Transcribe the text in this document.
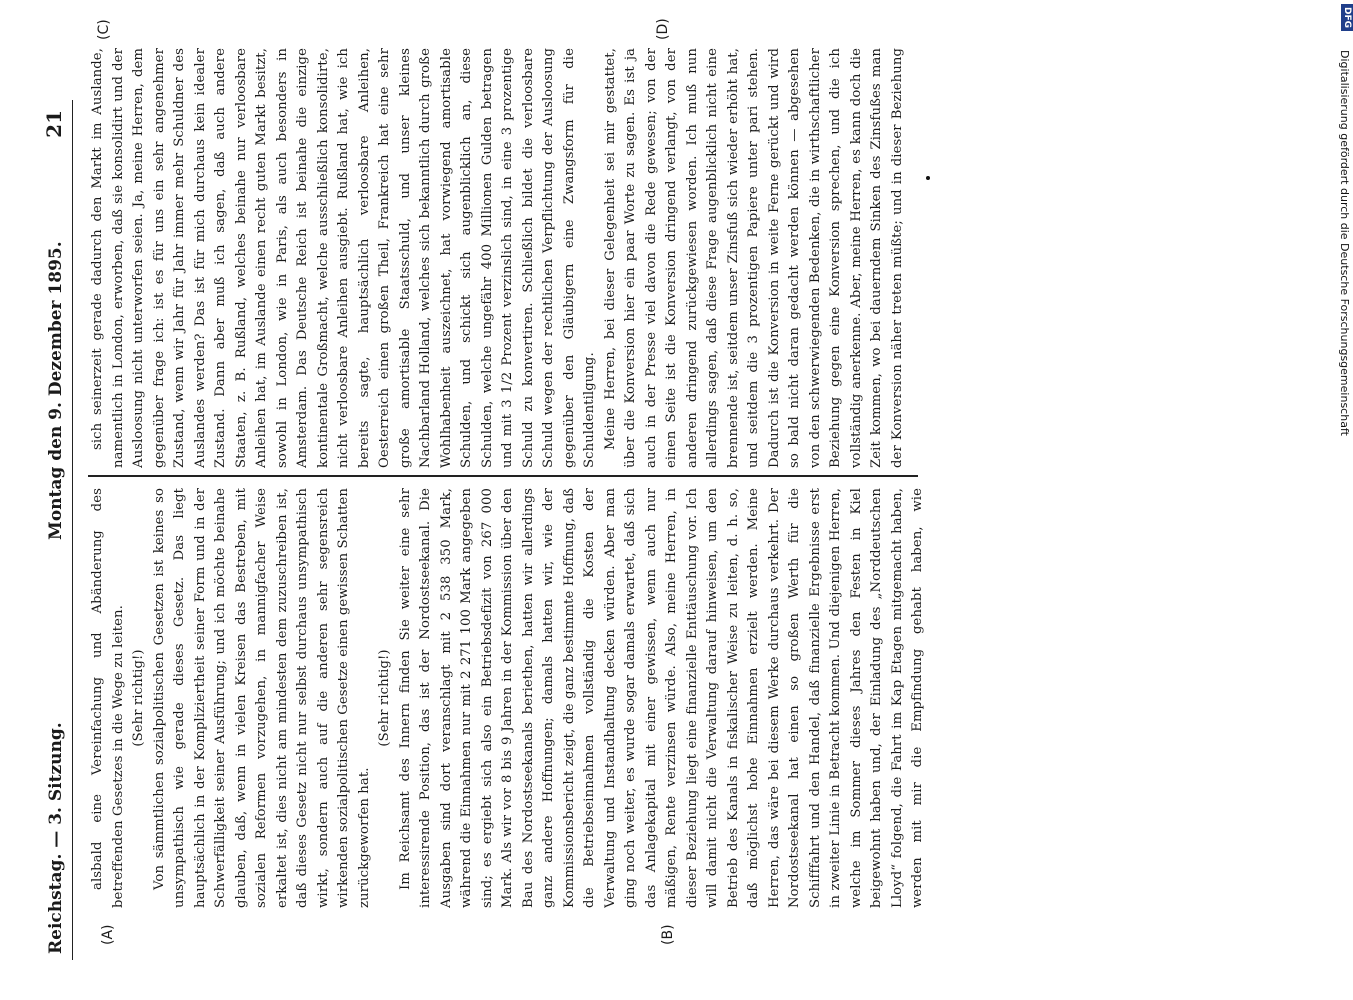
Reichstag. — 3. Sitzung.
Montag den 9. Dezember 1895.
21
(A)	(B)
(C)	(D)

alsbald eine Vereinfachung und Abänderung des betreffenden Gesetzes in die Wege zu leiten. (Sehr richtig!) Von sämmtlichen sozialpolitischen Gesetzen ist keines so unsympathisch wie gerade dieses Gesetz. Das liegt hauptsächlich in der Kompliziertheit seiner Form und in der Schwerfälligkeit seiner Ausführung; und ich möchte beinahe glauben, daß, wenn in vielen Kreisen das Bestreben, mit sozialen Reformen vorzugehen, in mannigfacher Weise erkaltet ist, dies nicht am mindesten dem zuzuschreiben ist, daß dieses Gesetz nicht nur selbst durchaus unsympathisch wirkt, sondern auch auf die anderen sehr segensreich wirkenden sozialpolitischen Gesetze einen gewissen Schatten zurückgeworfen hat.

(Sehr richtig!)

Im Reichsamt des Innern finden Sie weiter eine sehr interessirende Position, das ist der Nordostseekanal. Die Ausgaben sind dort veranschlagt mit 2 538 350 Mark, während die Einnahmen nur mit 2 271 100 Mark angegeben sind; es ergiebt sich also ein Betriebsdefizit von 267 000 Mark. Als wir vor 8 bis 9 Jahren in der Kommission über den Bau des Nordostseekanals beriethen, hatten wir allerdings ganz andere Hoffnungen; damals hatten wir, wie der Kommissionsbericht zeigt, die ganz bestimmte Hoffnung, daß die Betriebseinnahmen vollständig die Kosten der Verwaltung und Instandhaltung decken würden. Aber man ging noch weiter, es wurde sogar damals erwartet, daß sich das Anlagekapital mit einer gewissen, wenn auch nur mäßigen, Rente verzinsen würde. Also, meine Herren, in dieser Beziehung liegt eine finanzielle Enttäuschung vor. Ich will damit nicht die Verwaltung darauf hinweisen, um den Betrieb des Kanals in fiskalischer Weise zu leiten, d. h. so, daß möglichst hohe Einnahmen erzielt werden. Meine Herren, das wäre bei diesem Werke durchaus verkehrt. Der Nordostseekanal hat einen so großen Werth für die Schifffahrt und den Handel, daß finanzielle Ergebnisse erst in zweiter Linie in Betracht kommen. Und diejenigen Herren, welche im Sommer dieses Jahres den Festen in Kiel beigewohnt haben und, der Einladung des „Norddeutschen Lloyd“ folgend, die Fahrt im Kap Etagen mitgemacht haben, werden mit mir die Empfindung gehabt haben, wie

sich seinerzeit gerade dadurch den Markt im Auslande, namentlich in London, erworben, daß sie konsolidirt und der Ausloosung nicht unterworfen seien. Ja, meine Herren, dem gegenüber frage ich: ist es für uns ein sehr angenehmer Zustand, wenn wir Jahr für Jahr immer mehr Schuldner des Auslandes werden? Das ist für mich durchaus kein idealer Zustand. Dann aber muß ich sagen, daß auch andere Staaten, z. B. Rußland, welches beinahe nur verloosbare Anleihen hat, im Auslande einen recht guten Markt besitzt, sowohl in London, wie in Paris, als auch besonders in Amsterdam. Das Deutsche Reich ist beinahe die einzige kontinentale Großmacht, welche ausschließlich konsolidirte, nicht verloosbare Anleihen ausgiebt. Rußland hat, wie ich bereits sagte, hauptsächlich verloosbare Anleihen, Oesterreich einen großen Theil, Frankreich hat eine sehr große amortisable Staatsschuld, und unser kleines Nachbarland Holland, welches sich bekanntlich durch große Wohlhabenheit auszeichnet, hat vorwiegend amortisable Schulden, und schickt sich augenblicklich an, diese Schulden, welche ungefähr 400 Millionen Gulden betragen und mit 3 1/2 Prozent verzinslich sind, in eine 3 prozentige Schuld zu konvertiren. Schließlich bildet die verloosbare Schuld wegen der rechtlichen Verpflichtung der Ausloosung gegenüber den Gläubigern eine Zwangsform für die Schuldentilgung. Meine Herren, bei dieser Gelegenheit sei mir gestattet, über die Konversion hier ein paar Worte zu sagen. Es ist ja auch in der Presse viel davon die Rede gewesen; von der einen Seite ist die Konversion dringend verlangt, von der anderen dringend zurückgewiesen worden. Ich muß nun allerdings sagen, daß diese Frage augenblicklich nicht eine brennende ist, seitdem unser Zinsfuß sich wieder erhöht hat, und seitdem die 3 prozentigen Papiere unter pari stehen. Dadurch ist die Konversion in weite Ferne gerückt und wird so bald nicht daran gedacht werden können — abgesehen von den schwerwiegenden Bedenken, die in wirthschaftlicher Beziehung gegen eine Konversion sprechen, und die ich vollständig anerkenne. Aber, meine Herren, es kann doch die Zeit kommen, wo bei dauerndem Sinken des Zinsfußes man der Konversion näher treten müßte; und in dieser Beziehung	Digitalisierung gefördert durch die Deutsche Forschungsgemeinschaft
DFG
